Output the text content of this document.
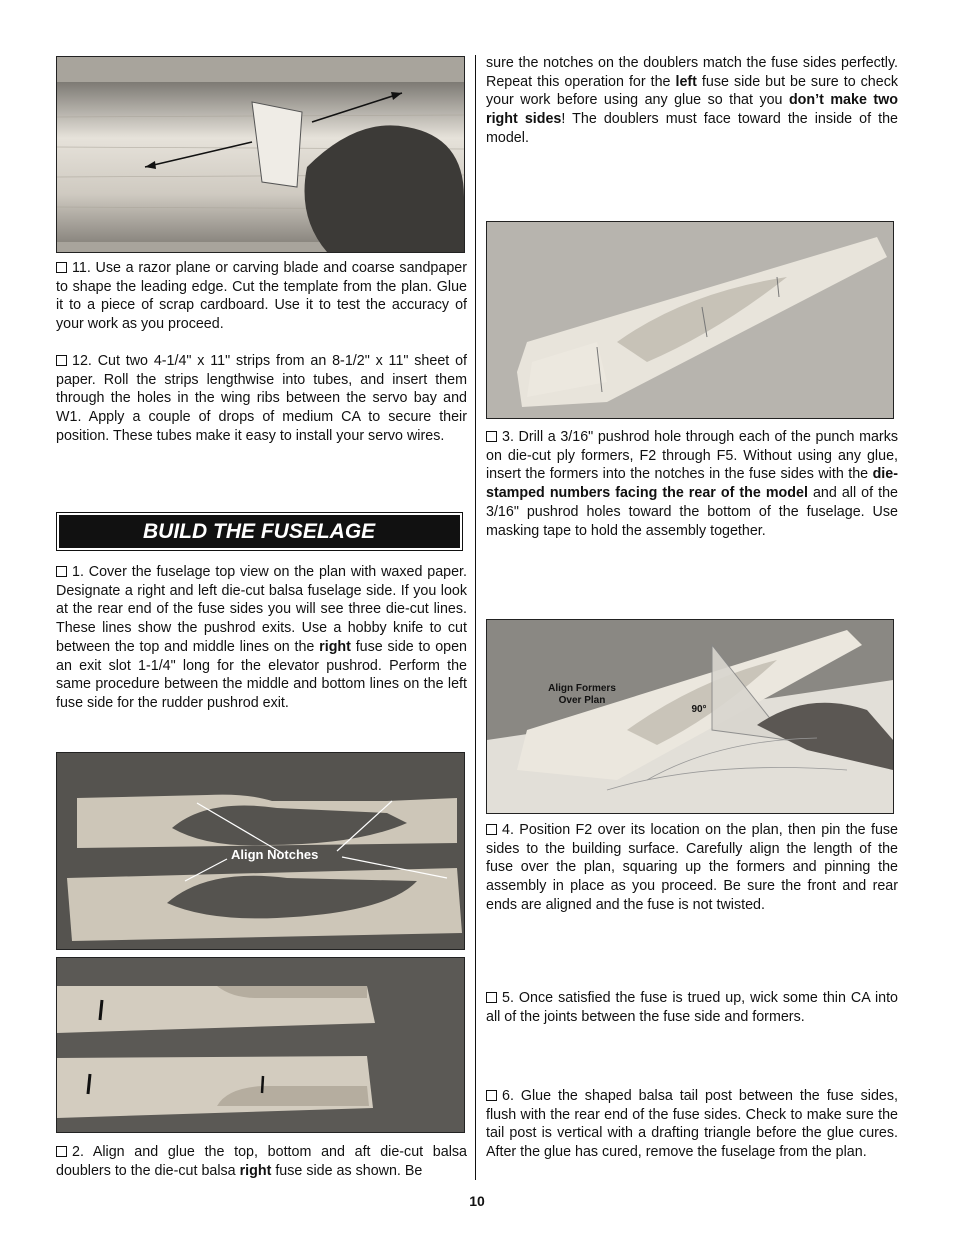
11. Use a razor plane or carving blade and coarse sandpaper to shape the leading edge. Cut the template from the plan. Glue it to a piece of scrap cardboard. Use it to test the accuracy of your work as you proceed.

12. Cut two 4-1/4" x 11" strips from an 8-1/2" x 11" sheet of paper. Roll the strips lengthwise into tubes, and insert them through the holes in the wing ribs between the servo bay and W1. Apply a couple of drops of medium CA to secure their position. These tubes make it easy to install your servo wires.

BUILD THE FUSELAGE

1. Cover the fuselage top view on the plan with waxed paper. Designate a right and left die-cut balsa fuselage side. If you look at the rear end of the fuse sides you will see three die-cut lines. These lines show the pushrod exits. Use a hobby knife to cut between the top and middle lines on the right fuse side to open an exit slot 1-1/4" long for the elevator pushrod. Perform the same procedure between the middle and bottom lines on the left fuse side for the rudder pushrod exit.

Align Notches

2. Align and glue the top, bottom and aft die-cut balsa doublers to the die-cut balsa right fuse side as shown. Be

sure the notches on the doublers match the fuse sides perfectly. Repeat this operation for the left fuse side but be sure to check your work before using any glue so that you don’t make two right sides! The doublers must face toward the inside of the model.

3. Drill a 3/16" pushrod hole through each of the punch marks on die-cut ply formers, F2 through F5. Without using any glue, insert the formers into the notches in the fuse sides with the die-stamped numbers facing the rear of the model and all of the 3/16" pushrod holes toward the bottom of the fuselage. Use masking tape to hold the assembly together.

Align Formers Over Plan
90°

4. Position F2 over its location on the plan, then pin the fuse sides to the building surface. Carefully align the length of the fuse over the plan, squaring up the formers and pinning the assembly in place as you proceed. Be sure the front and rear ends are aligned and the fuse is not twisted.

5. Once satisfied the fuse is trued up, wick some thin CA into all of the joints between the fuse side and formers.

6. Glue the shaped balsa tail post between the fuse sides, flush with the rear end of the fuse sides. Check to make sure the tail post is vertical with a drafting triangle before the glue cures. After the glue has cured, remove the fuselage from the plan.

10
